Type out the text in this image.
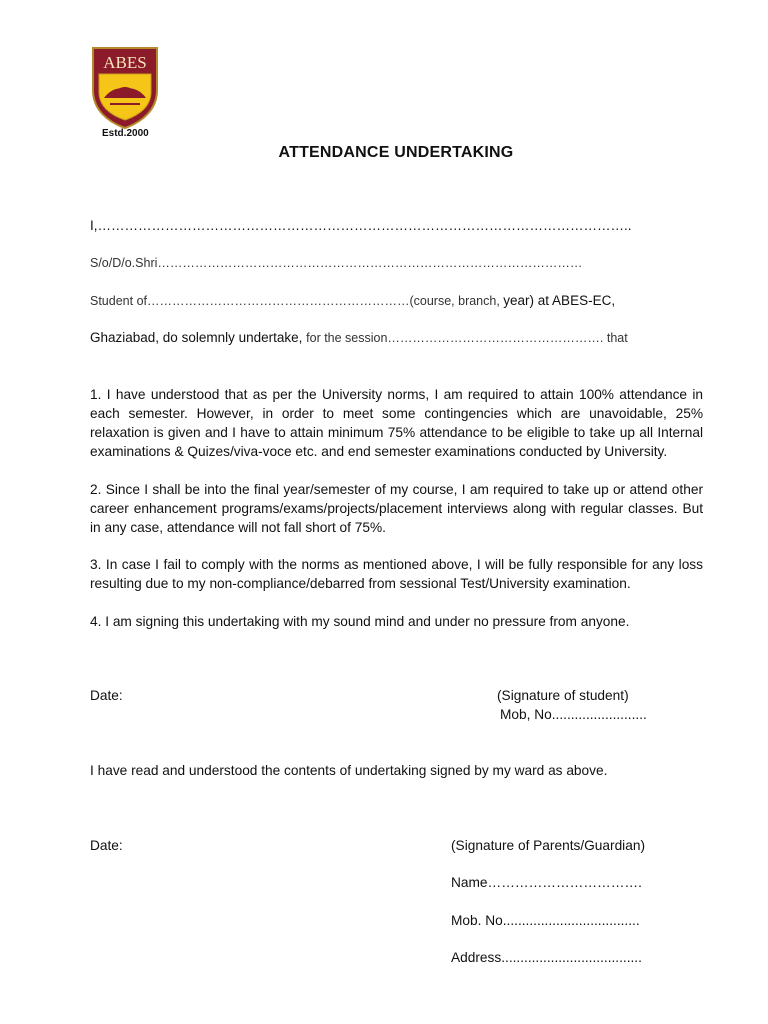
ABES
Estd.2000
ATTENDANCE UNDERTAKING
I,………………………………………………………………………………………………………..
S/o/D/o.Shri…………………………………………………………………………………………
Student of………………………………………………………(course, branch, year) at ABES-EC,
Ghaziabad, do solemnly undertake, for the session……………………………………………. that
1. I have understood that as per the University norms, I am required to attain 100% attendance in each semester. However, in order to meet some contingencies which are unavoidable, 25% relaxation is given and I have to attain minimum 75% attendance to be eligible to take up all Internal examinations & Quizes/viva-voce etc. and end semester examinations conducted by University.
2. Since I shall be into the final year/semester of my course, I am required to take up or attend other career enhancement programs/exams/projects/placement interviews along with regular classes. But in any case, attendance will not fall short of 75%.
3. In case I fail to comply with the norms as mentioned above, I will be fully responsible for any loss resulting due to my non-compliance/debarred from sessional Test/University examination.
4. I am signing this undertaking with my sound mind and under no pressure from anyone.
Date:	(Signature of student)
Mob, No.........................
I have read and understood the contents of undertaking signed by my ward as above.
Date:	(Signature of Parents/Guardian)
Name…………………………….
Mob. No....................................
Address.....................................
